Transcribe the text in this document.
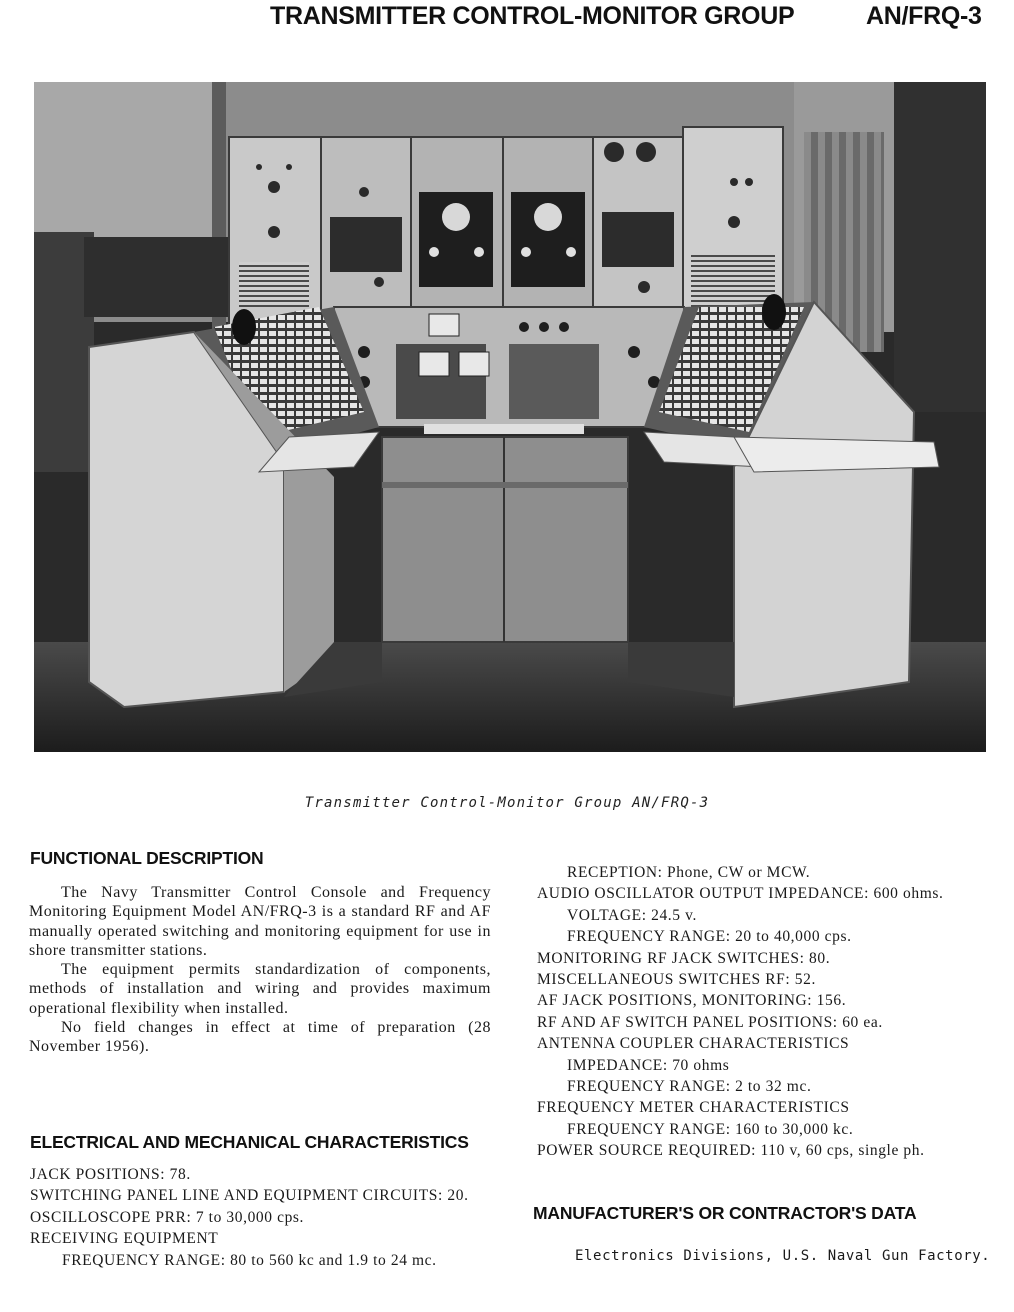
TRANSMITTER CONTROL-MONITOR GROUP	AN/FRQ-3
Transmitter Control-Monitor Group AN/FRQ-3
FUNCTIONAL DESCRIPTION

The Navy Transmitter Control Console and Frequency Monitoring Equipment Model AN/FRQ-3 is a standard RF and AF manually operated switching and monitoring equipment for use in shore transmitter stations.

The equipment permits standardization of components, methods of installation and wiring and provides maximum operational flexibility when installed.

No field changes in effect at time of preparation (28 November 1956).

ELECTRICAL AND MECHANICAL CHARACTERISTICS
JACK POSITIONS: 78.
SWITCHING PANEL LINE AND EQUIPMENT CIRCUITS: 20.
OSCILLOSCOPE PRR: 7 to 30,000 cps.
RECEIVING EQUIPMENT
FREQUENCY RANGE: 80 to 560 kc and 1.9 to 24 mc.
RECEPTION: Phone, CW or MCW.
AUDIO OSCILLATOR OUTPUT IMPEDANCE: 600 ohms.
VOLTAGE: 24.5 v.
FREQUENCY RANGE: 20 to 40,000 cps.
MONITORING RF JACK SWITCHES: 80.
MISCELLANEOUS SWITCHES RF: 52.
AF JACK POSITIONS, MONITORING: 156.
RF AND AF SWITCH PANEL POSITIONS: 60 ea.
ANTENNA COUPLER CHARACTERISTICS
IMPEDANCE: 70 ohms
FREQUENCY RANGE: 2 to 32 mc.
FREQUENCY METER CHARACTERISTICS
FREQUENCY RANGE: 160 to 30,000 kc.
POWER SOURCE REQUIRED: 110 v, 60 cps, single ph.
MANUFACTURER'S OR CONTRACTOR'S DATA
Electronics Divisions, U.S. Naval Gun Factory.
